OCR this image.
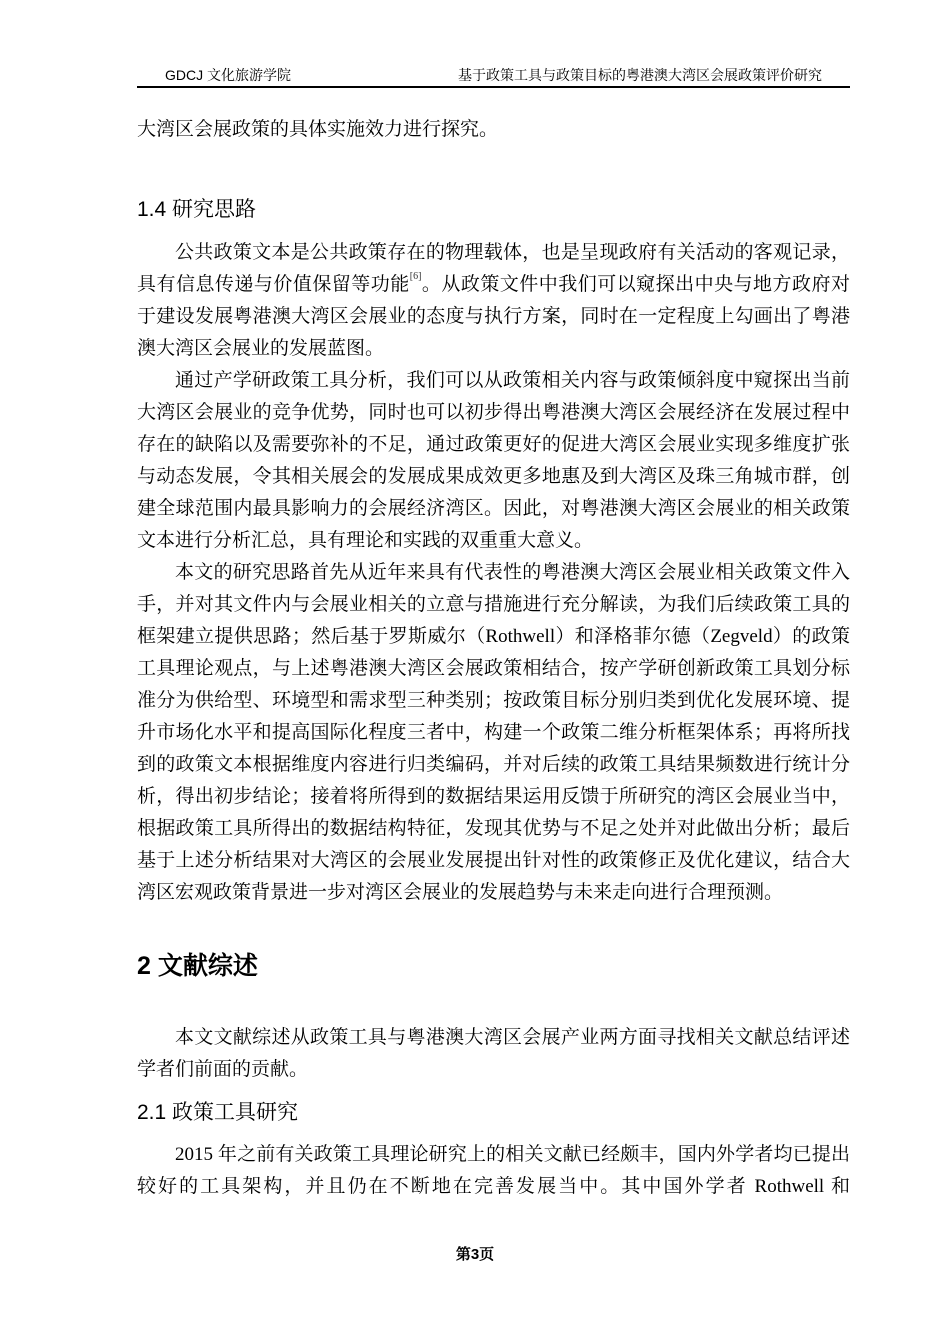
GDCJ 文化旅游学院	基于政策工具与政策目标的粤港澳大湾区会展政策评价研究
大湾区会展政策的具体实施效力进行探究。
1.4 研究思路
公共政策文本是公共政策存在的物理载体，也是呈现政府有关活动的客观记录，
具有信息传递与价值保留等功能[6]。从政策文件中我们可以窥探出中央与地方政府对
于建设发展粤港澳大湾区会展业的态度与执行方案，同时在一定程度上勾画出了粤港
澳大湾区会展业的发展蓝图。
通过产学研政策工具分析，我们可以从政策相关内容与政策倾斜度中窥探出当前
大湾区会展业的竞争优势，同时也可以初步得出粤港澳大湾区会展经济在发展过程中
存在的缺陷以及需要弥补的不足，通过政策更好的促进大湾区会展业实现多维度扩张
与动态发展，令其相关展会的发展成果成效更多地惠及到大湾区及珠三角城市群，创
建全球范围内最具影响力的会展经济湾区。因此，对粤港澳大湾区会展业的相关政策
文本进行分析汇总，具有理论和实践的双重重大意义。
本文的研究思路首先从近年来具有代表性的粤港澳大湾区会展业相关政策文件入
手，并对其文件内与会展业相关的立意与措施进行充分解读，为我们后续政策工具的
框架建立提供思路；然后基于罗斯威尔（Rothwell）和泽格菲尔德（Zegveld）的政策
工具理论观点，与上述粤港澳大湾区会展政策相结合，按产学研创新政策工具划分标
准分为供给型、环境型和需求型三种类别；按政策目标分别归类到优化发展环境、提
升市场化水平和提高国际化程度三者中，构建一个政策二维分析框架体系；再将所找
到的政策文本根据维度内容进行归类编码，并对后续的政策工具结果频数进行统计分
析，得出初步结论；接着将所得到的数据结果运用反馈于所研究的湾区会展业当中，
根据政策工具所得出的数据结构特征，发现其优势与不足之处并对此做出分析；最后
基于上述分析结果对大湾区的会展业发展提出针对性的政策修正及优化建议，结合大
湾区宏观政策背景进一步对湾区会展业的发展趋势与未来走向进行合理预测。
2 文献综述
本文文献综述从政策工具与粤港澳大湾区会展产业两方面寻找相关文献总结评述
学者们前面的贡献。
2.1 政策工具研究
2015 年之前有关政策工具理论研究上的相关文献已经颇丰，国内外学者均已提出
较好的工具架构，并且仍在不断地在完善发展当中。其中国外学者 Rothwell 和
第3页
